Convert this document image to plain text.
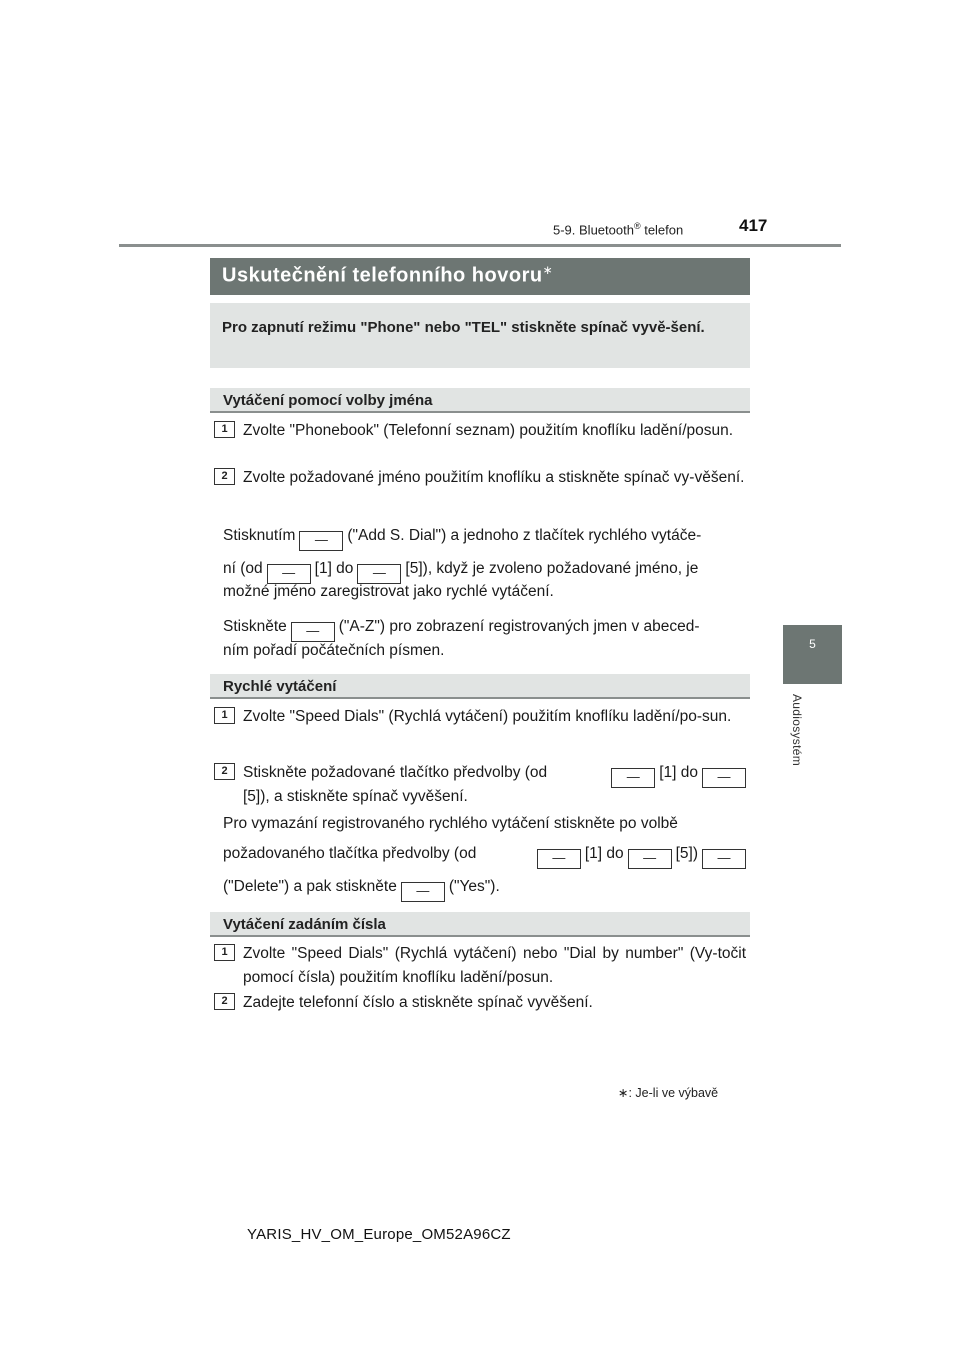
5-9. Bluetooth® telefon	417
5
Audiosystém
Uskutečnění telefonního hovoru∗
Pro zapnutí režimu "Phone" nebo "TEL" stiskněte spínač vyvě-šení.
Vytáčení pomocí volby jména
1 Zvolte "Phonebook" (Telefonní seznam) použitím knoflíku ladění/posun.
2 Zvolte požadované jméno použitím knoflíku a stiskněte spínač vy-věšení.
Stisknutím —	("Add S. Dial") a jednoho z tlačítek rychlého vytáče-
ní (od —	[1] do —	[5]), když je zvoleno požadované jméno, je
možné jméno zaregistrovat jako rychlé vytáčení.
Stiskněte —	("A-Z") pro zobrazení registrovaných jmen v abeced-
ním pořadí počátečních písmen.
Rychlé vytáčení
1 Zvolte "Speed Dials" (Rychlá vytáčení) použitím knoflíku ladění/po-sun.
2 Stiskněte požadované tlačítko předvolby (od —	[1] do—
[5]), a stiskněte spínač vyvěšení.
Pro vymazání registrovaného rychlého vytáčení stiskněte po volbě
požadovaného tlačítka předvolby (od —	[1] do —	[5])—
("Delete") a pak stiskněte —	("Yes").
Vytáčení zadáním čísla
1 Zvolte "Speed Dials" (Rychlá vytáčení) nebo "Dial by number" (Vy-točit pomocí čísla) použitím knoflíku ladění/posun.
2 Zadejte telefonní číslo a stiskněte spínač vyvěšení.
∗: Je-li ve výbavě
YARIS_HV_OM_Europe_OM52A96CZ
